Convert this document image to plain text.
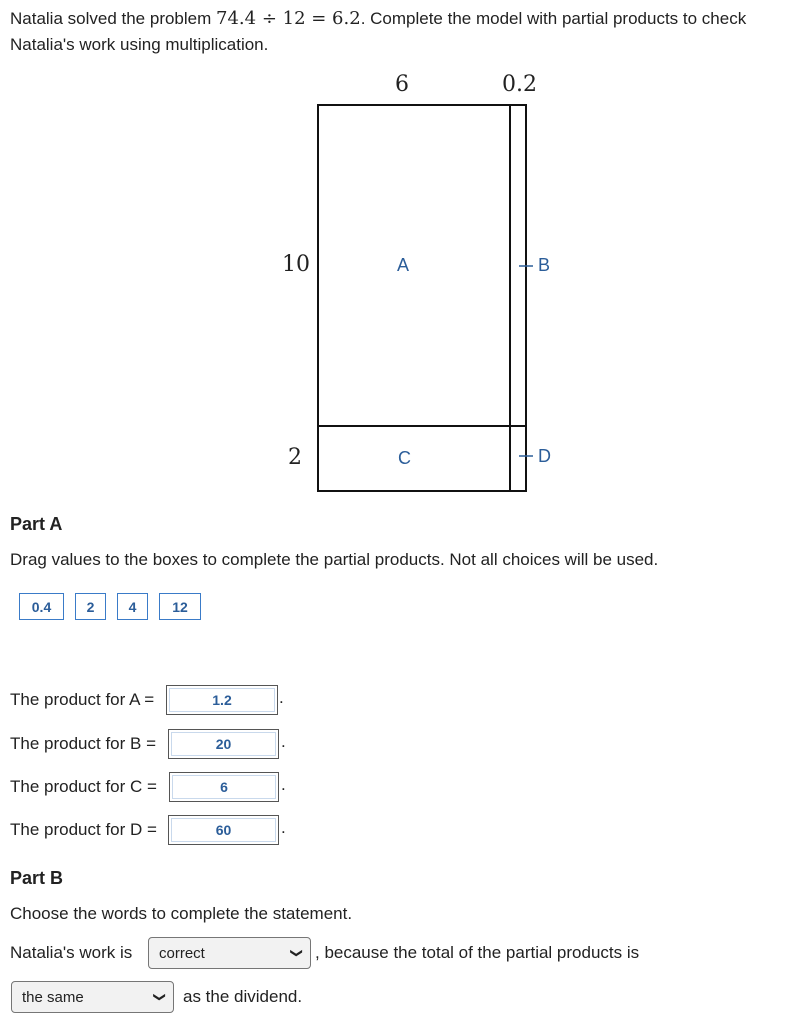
Natalia solved the problem 74.4 ÷ 12 = 6.2. Complete the model with partial products to check Natalia's work using multiplication.
6	0.2
10
2
A	B
C	D
Part A
Drag values to the boxes to complete the partial products. Not all choices will be used.
0.4	2	4	12
The product for A =	1.2	.
The product for B =	20	.
The product for C =	6	.
The product for D =	60	.
Part B
Choose the words to complete the statement.
Natalia's work is correct	❯ , because the total of the partial products is
the same	❯ as the dividend.
